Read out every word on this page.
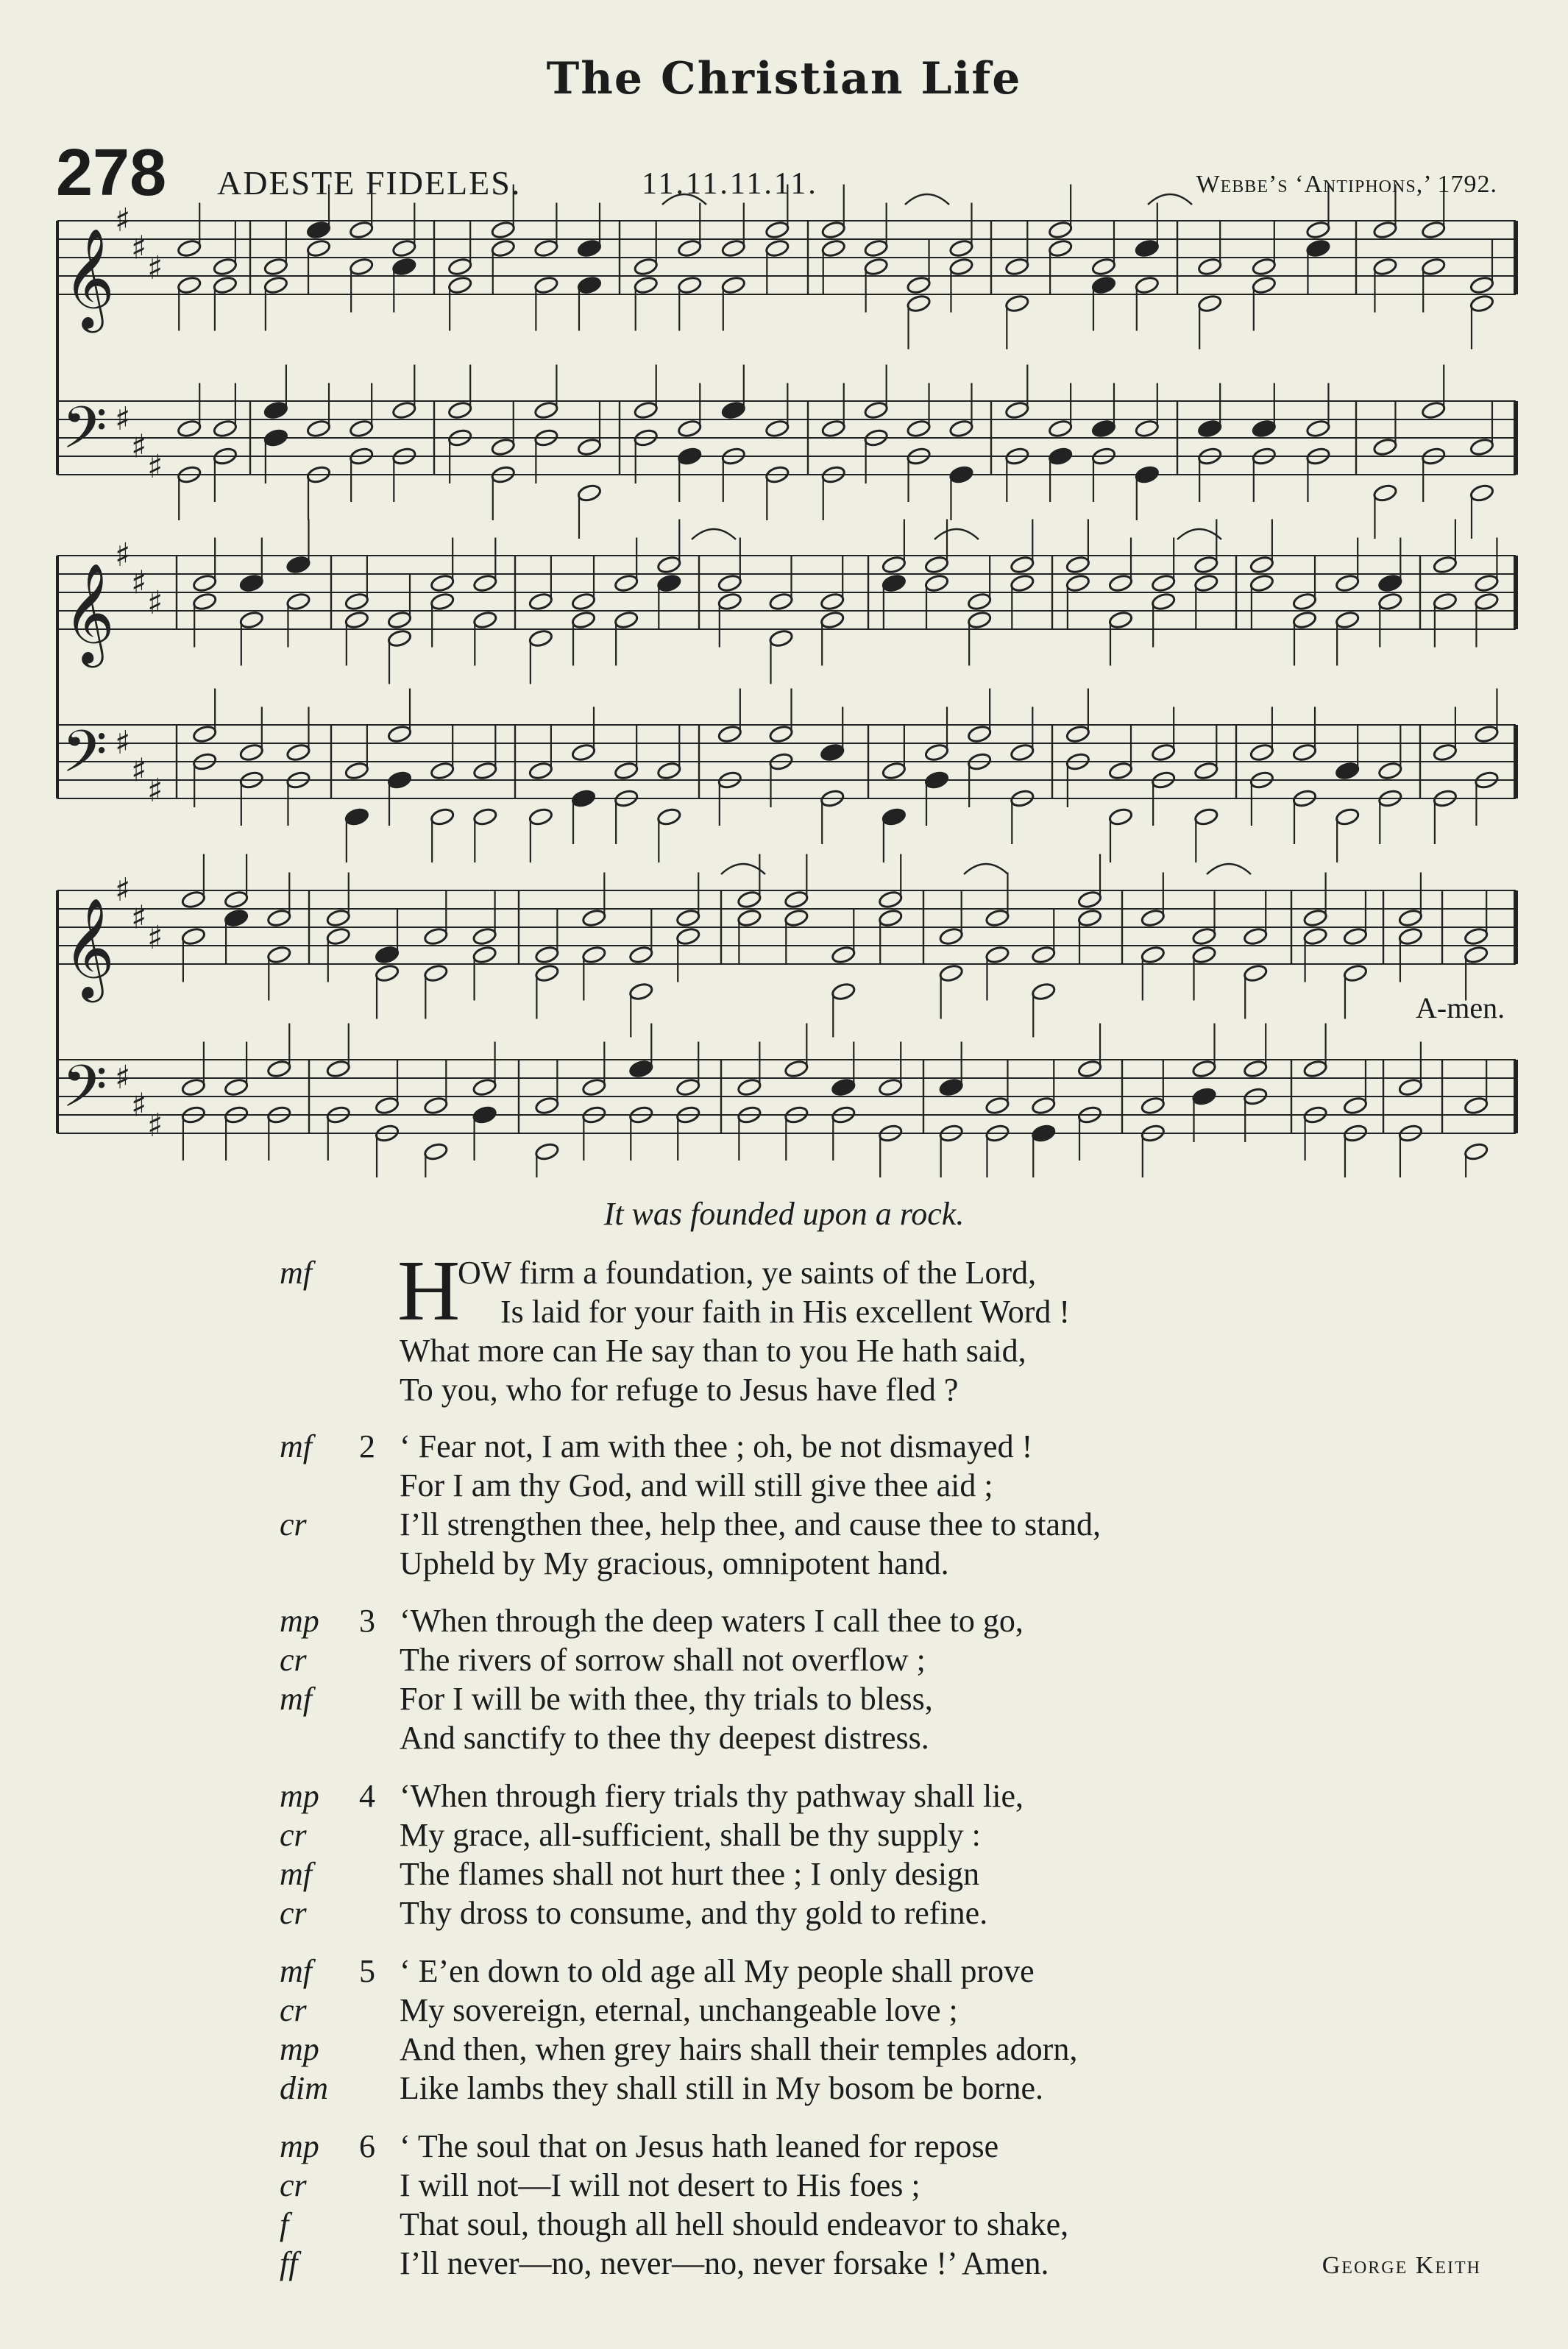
The Christian Life
278 ADESTE FIDELES.	11.11.11.11.	Webbe’s ‘Antiphons,’ 1792.
𝄞
𝄢
♯
♯
♯
♯
♯
♯
𝄞
𝄢
♯
♯
♯
♯
♯
♯
𝄞
𝄢
♯
♯
♯
♯
♯
♯
A-men.
It was founded upon a rock.
H
mf	OW firm a foundation, ye saints of the Lord,
Is laid for your faith in His excellent Word !
What more can He say than to you He hath said,
To you, who for refuge to Jesus have fled ?
mf 2 ‘ Fear not, I am with thee ; oh, be not dismayed !
For I am thy God, and will still give thee aid ;
cr	I’ll strengthen thee, help thee, and cause thee to stand,
Upheld by My gracious, omnipotent hand.
mp 3 ‘When through the deep waters I call thee to go,
cr	The rivers of sorrow shall not overflow ;
mf	For I will be with thee, thy trials to bless,
And sanctify to thee thy deepest distress.
mp 4 ‘When through fiery trials thy pathway shall lie,
cr	My grace, all-sufficient, shall be thy supply :
mf	The flames shall not hurt thee ; I only design
cr	Thy dross to consume, and thy gold to refine.
mf 5 ‘ E’en down to old age all My people shall prove
cr	My sovereign, eternal, unchangeable love ;
mp And then, when grey hairs shall their temples adorn,
dim Like lambs they shall still in My bosom be borne.
mp 6 ‘ The soul that on Jesus hath leaned for repose
cr	I will not—I will not desert to His foes ;
f	That soul, though all hell should endeavor to shake,
ff	I’ll never—no, never—no, never forsake !’ Amen.	George Keith
